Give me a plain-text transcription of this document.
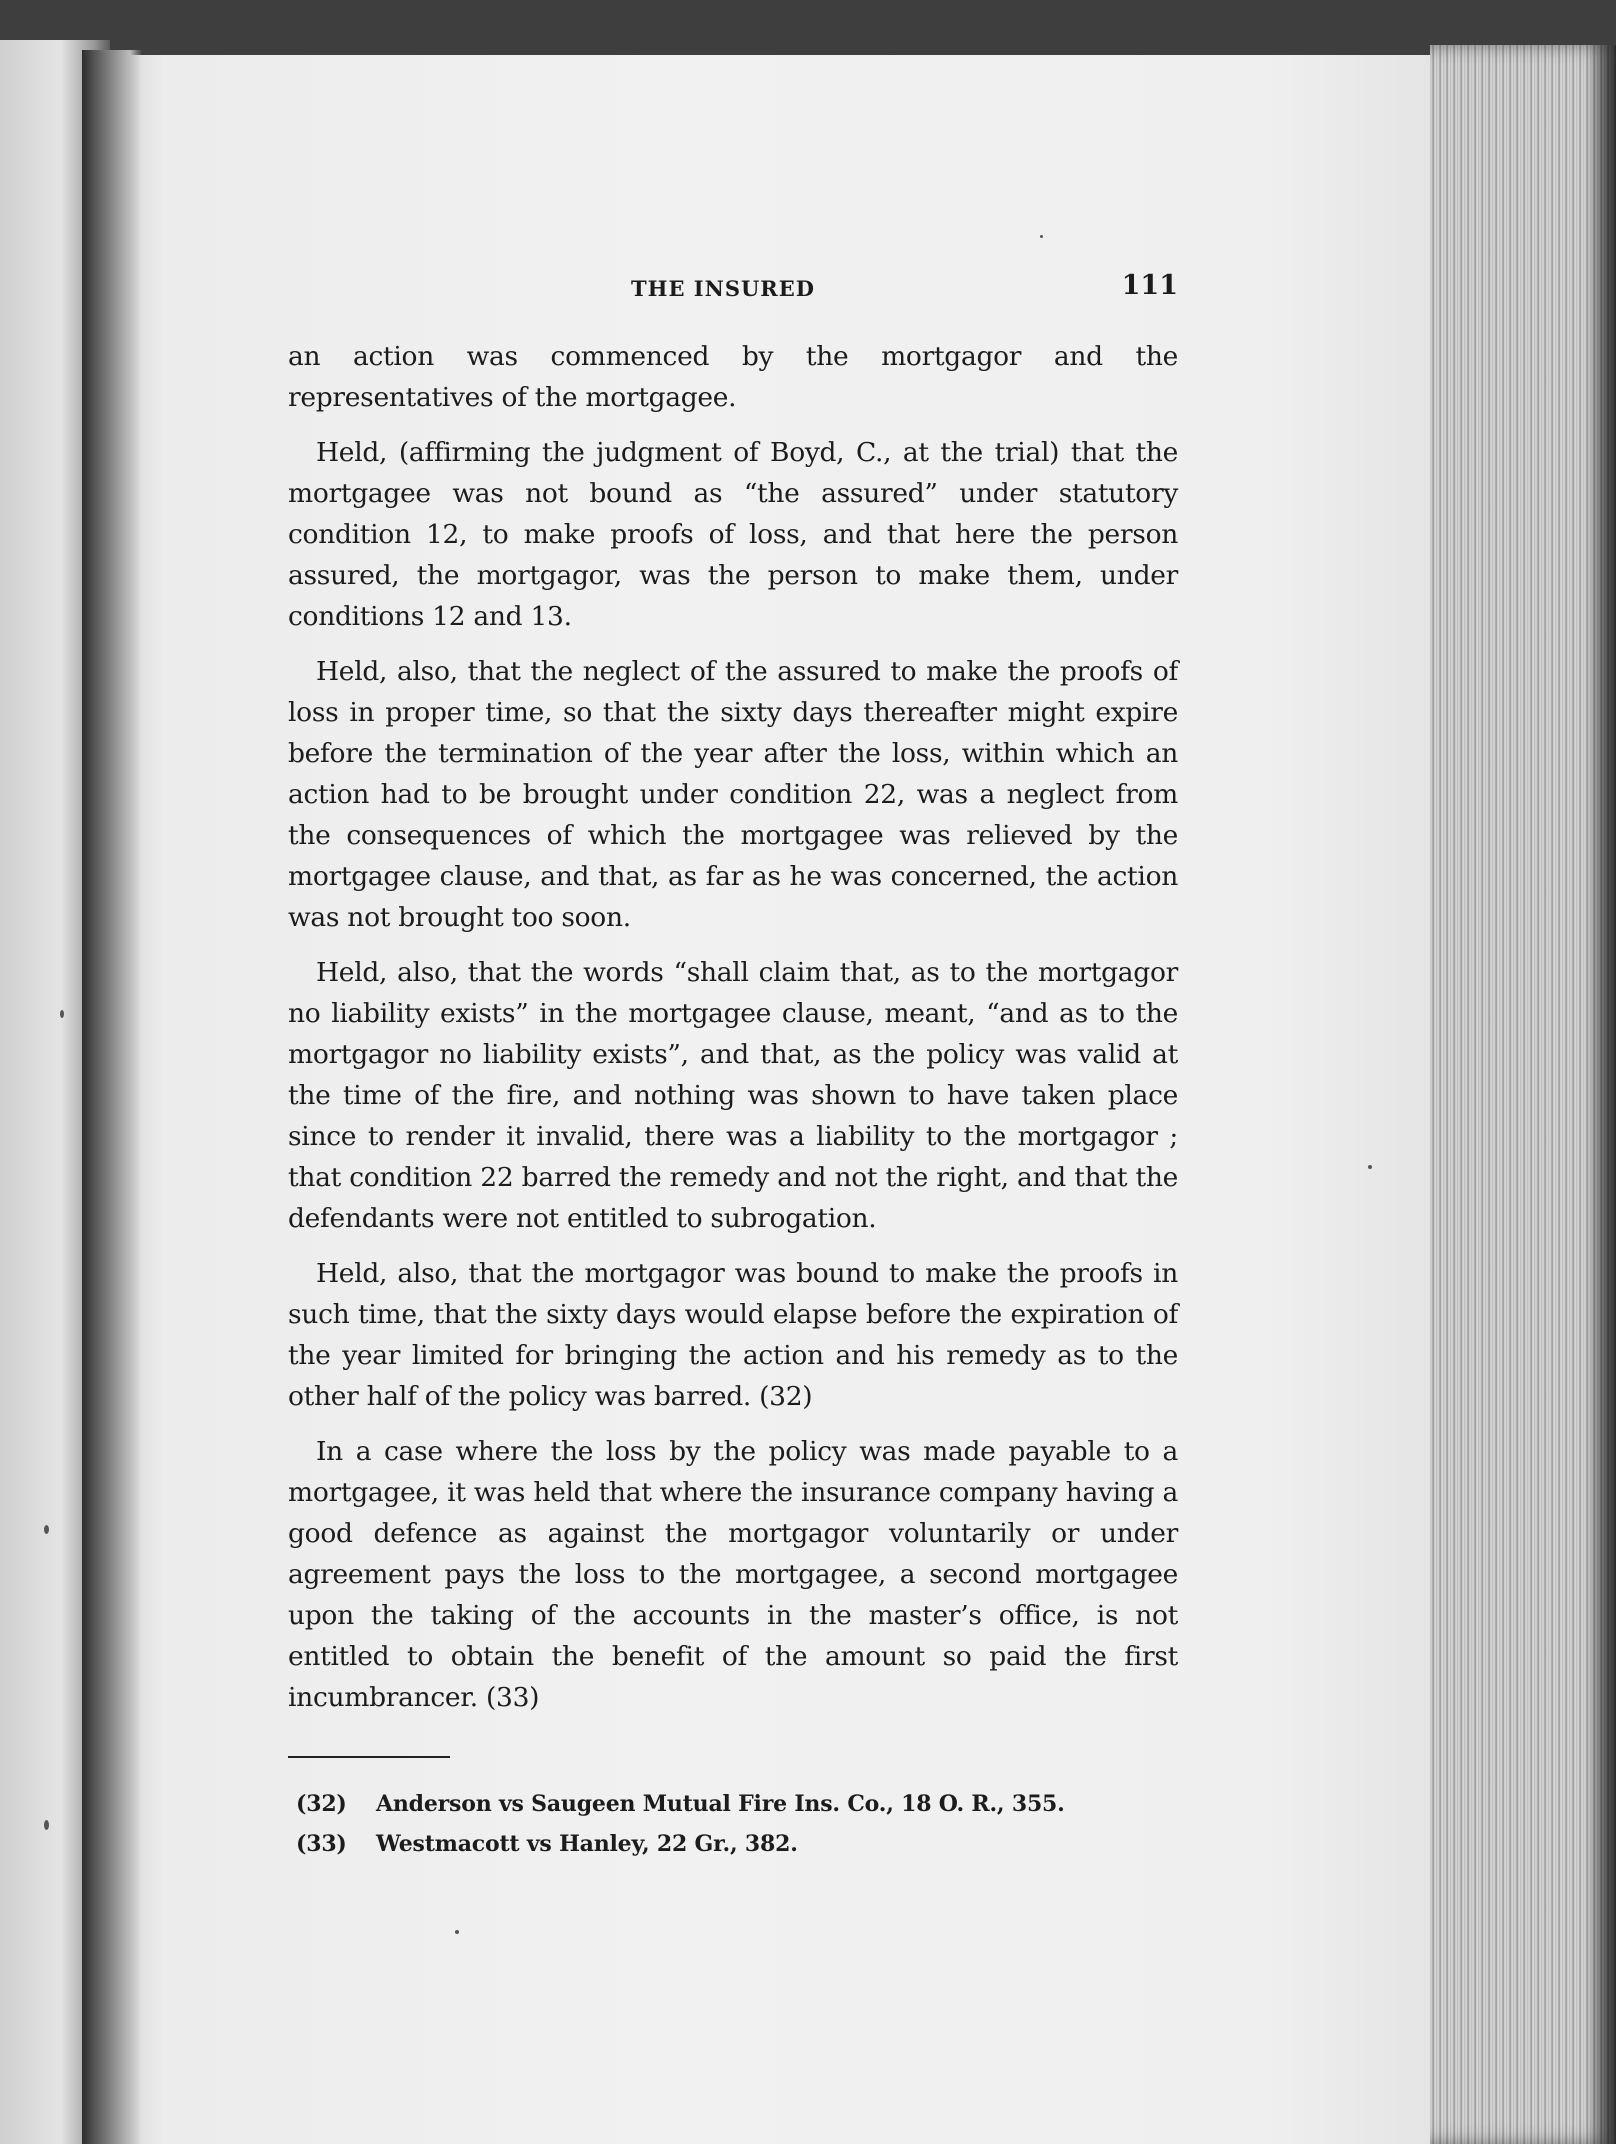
THE INSURED	111

an action was commenced by the mortgagor and the representatives of the mortgagee.

Held, (affirming the judgment of Boyd, C., at the trial) that the mortgagee was not bound as “the assured” under statutory condition 12, to make proofs of loss, and that here the person assured, the mortgagor, was the person to make them, under conditions 12 and 13.

Held, also, that the neglect of the assured to make the proofs of loss in proper time, so that the sixty days thereafter might expire before the termination of the year after the loss, within which an action had to be brought under condition 22, was a neglect from the consequences of which the mortgagee was relieved by the mortgagee clause, and that, as far as he was concerned, the action was not brought too soon.

Held, also, that the words “shall claim that, as to the mortgagor no liability exists” in the mortgagee clause, meant, “and as to the mortgagor no liability exists”, and that, as the policy was valid at the time of the fire, and nothing was shown to have taken place since to render it invalid, there was a liability to the mortgagor ; that condition 22 barred the remedy and not the right, and that the defendants were not entitled to subrogation.

Held, also, that the mortgagor was bound to make the proofs in such time, that the sixty days would elapse before the expiration of the year limited for bringing the action and his remedy as to the other half of the policy was barred. (32)

In a case where the loss by the policy was made payable to a mortgagee, it was held that where the insurance company having a good defence as against the mortgagor voluntarily or under agreement pays the loss to the mortgagee, a second mortgagee upon the taking of the accounts in the master’s office, is not entitled to obtain the benefit of the amount so paid the first incumbrancer. (33)

(32) Anderson vs Saugeen Mutual Fire Ins. Co., 18 O. R., 355.

(33) Westmacott vs Hanley, 22 Gr., 382.
